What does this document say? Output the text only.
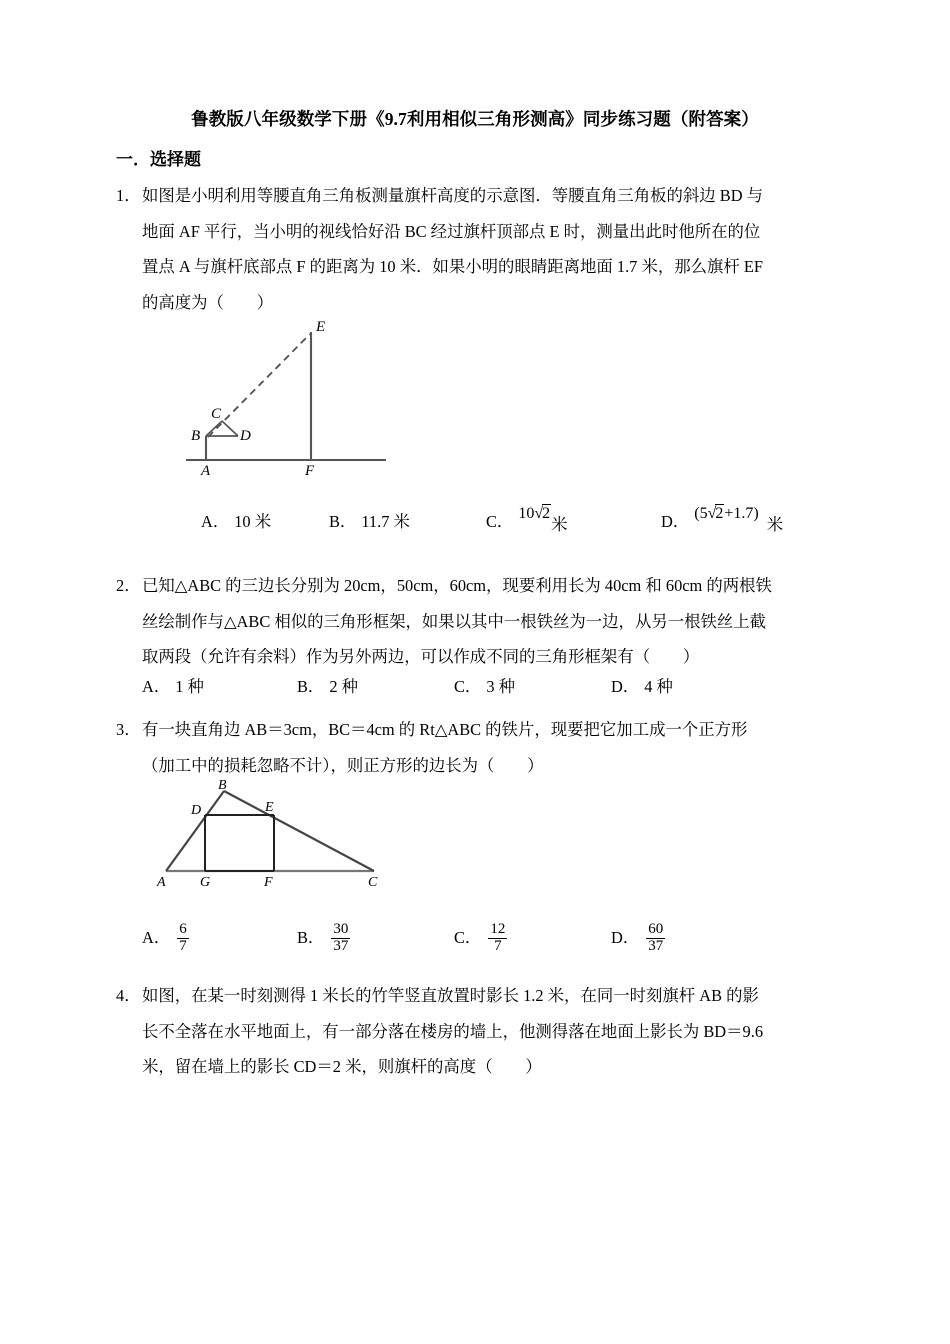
鲁教版八年级数学下册《9.7利用相似三角形测高》同步练习题（附答案）
一．选择题
1．如图是小明利用等腰直角三角板测量旗杆高度的示意图．等腰直角三角板的斜边 BD 与
地面 AF 平行，当小明的视线恰好沿 BC 经过旗杆顶部点 E 时，测量出此时他所在的位
置点 A 与旗杆底部点 F 的距离为 10 米．如果小明的眼睛距离地面 1.7 米，那么旗杆 EF
的高度为（　　）
E
C
B	D
A	F
A． 10 米	B． 11.7 米	C． 10√2米	D． (5√2+1.7)米
2．已知△ABC 的三边长分别为 20cm，50cm，60cm，现要利用长为 40cm 和 60cm 的两根铁
丝绘制作与△ABC 相似的三角形框架，如果以其中一根铁丝为一边，从另一根铁丝上截
取两段（允许有余料）作为另外两边，可以作成不同的三角形框架有（　　）
A． 1 种	B． 2 种	C． 3 种	D． 4 种
3．有一块直角边 AB＝3cm，BC＝4cm 的 Rt△ABC 的铁片，现要把它加工成一个正方形
（加工中的损耗忽略不计），则正方形的边长为（　　）
B
D	E
A G	F	C
A． $\frac{6}{7}$	B． $\frac{30}{37}$	C． $\frac{12}{7}$	D． $\frac{60}{37}$
4．如图，在某一时刻测得 1 米长的竹竿竖直放置时影长 1.2 米，在同一时刻旗杆 AB 的影
长不全落在水平地面上，有一部分落在楼房的墙上，他测得落在地面上影长为 BD＝9.6
米，留在墙上的影长 CD＝2 米，则旗杆的高度（　　）
